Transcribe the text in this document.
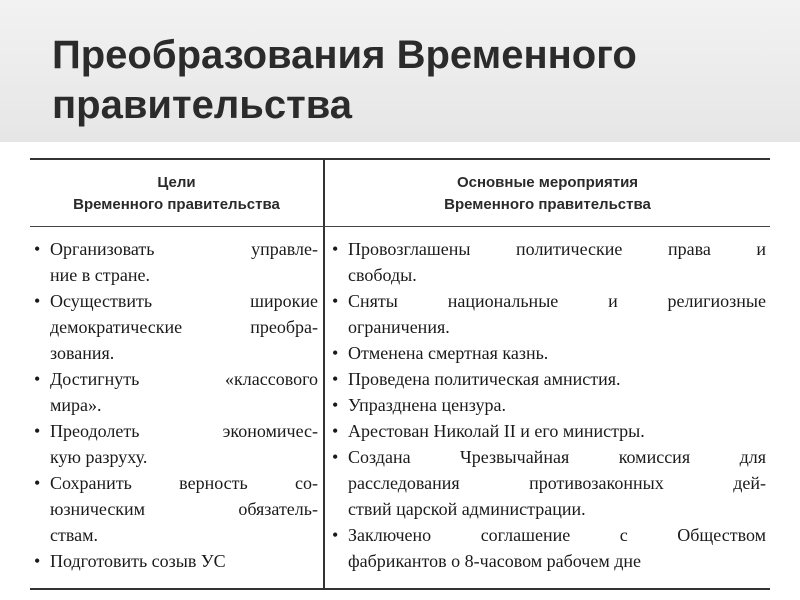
Преобразования Временного
правительства
Цели
Временного правительства
Основные мероприятия
Временного правительства
• Организовать управле-
ние в стране.
• Осуществить широкие
демократические преобра-
зования.
• Достигнуть «классового
мира».
• Преодолеть экономичес-
кую разруху.
• Сохранить верность со-
юзническим обязатель-
ствам.
• Подготовить созыв УС
• Провозглашены политические права и
свободы.
• Сняты национальные и религиозные
ограничения.
• Отменена смертная казнь.
• Проведена политическая амнистия.
• Упразднена цензура.
• Арестован Николай II и его министры.
• Создана Чрезвычайная комиссия для
расследования противозаконных дей-
ствий царской администрации.
• Заключено соглашение с Обществом
фабрикантов о 8-часовом рабочем дне
